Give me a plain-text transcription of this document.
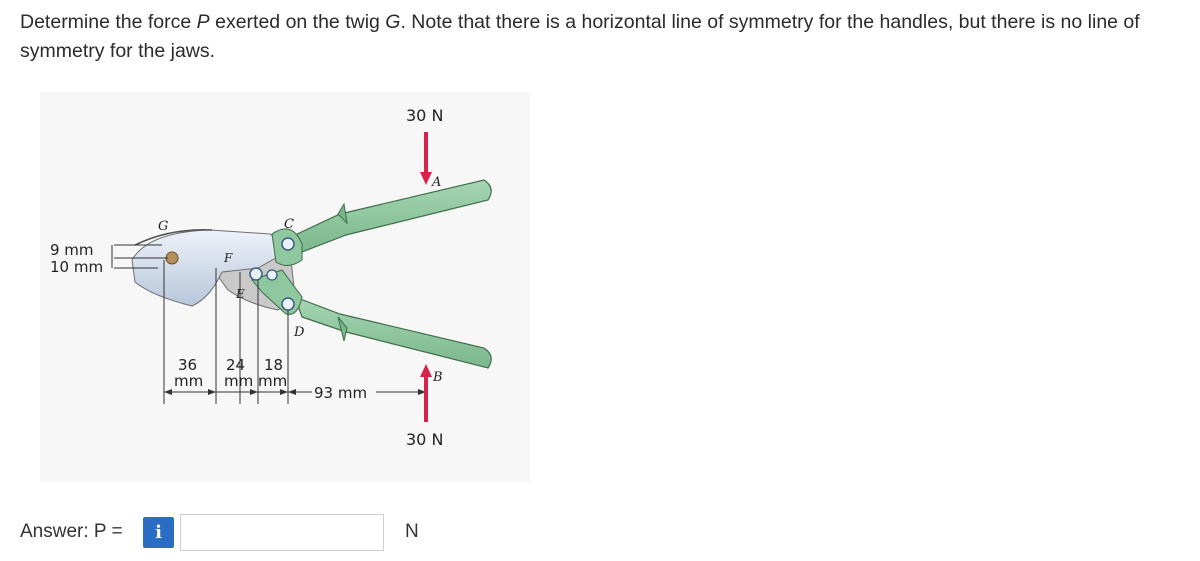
Determine the force P exerted on the twig G. Note that there is a horizontal line of symmetry for the handles, but there is no line of symmetry for the jaws.

A
B
C
D
E
F
G
30 N
30 N
9 mm
10 mm
36
mm
24
mm
18
mm
93 mm
Answer: P =	i	N
